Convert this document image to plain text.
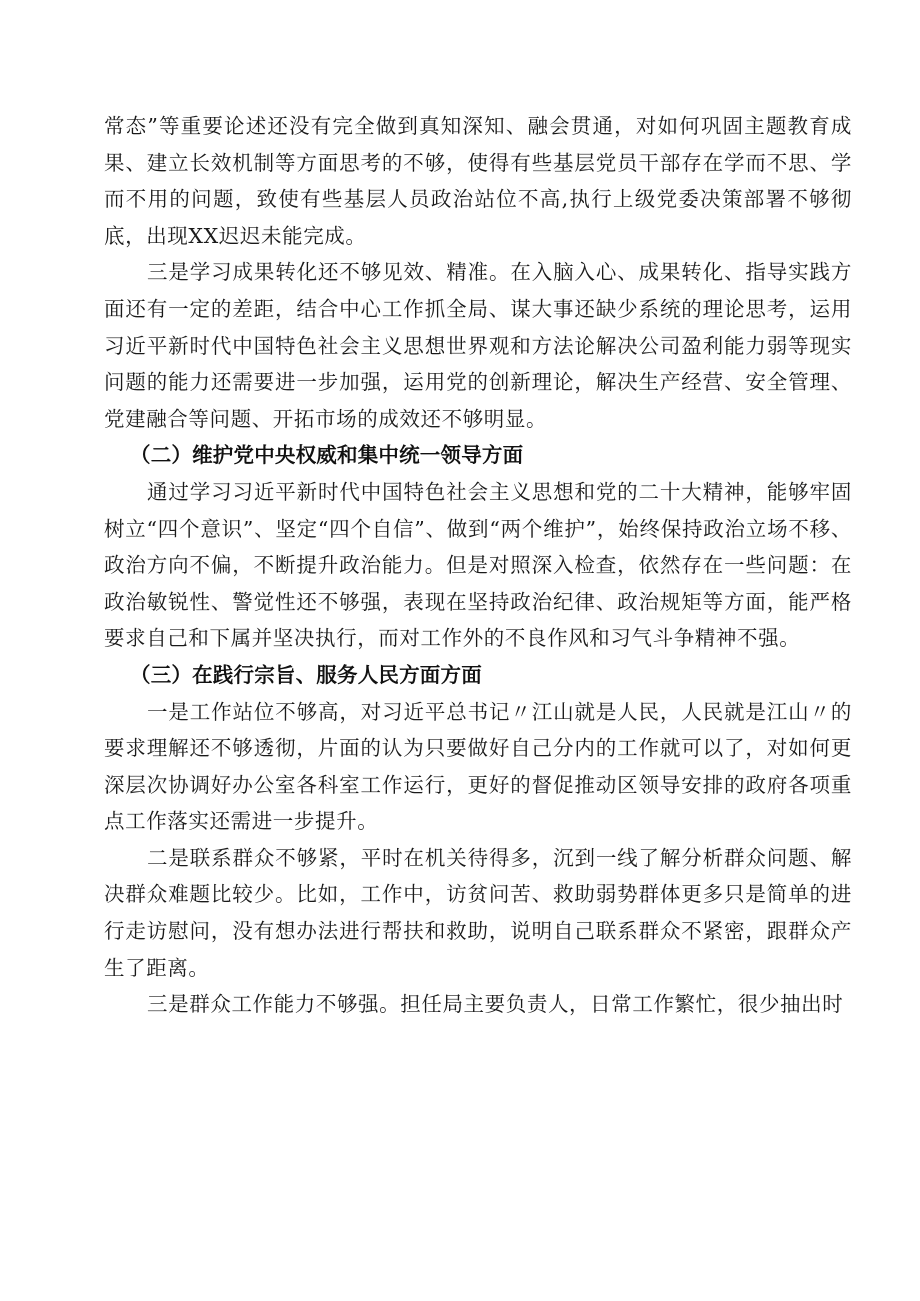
常态”等重要论述还没有完全做到真知深知、融会贯通，对如何巩固主题教育成果、建立长效机制等方面思考的不够，使得有些基层党员干部存在学而不思、学而不用的问题，致使有些基层人员政治站位不高,执行上级党委决策部署不够彻底，出现XX迟迟未能完成。

三是学习成果转化还不够见效、精准。在入脑入心、成果转化、指导实践方面还有一定的差距，结合中心工作抓全局、谋大事还缺少系统的理论思考，运用习近平新时代中国特色社会主义思想世界观和方法论解决公司盈利能力弱等现实问题的能力还需要进一步加强，运用党的创新理论，解决生产经营、安全管理、党建融合等问题、开拓市场的成效还不够明显。

（二）维护党中央权威和集中统一领导方面

通过学习习近平新时代中国特色社会主义思想和党的二十大精神，能够牢固树立“四个意识”、坚定“四个自信”、做到“两个维护”，始终保持政治立场不移、政治方向不偏，不断提升政治能力。但是对照深入检查，依然存在一些问题：在政治敏锐性、警觉性还不够强，表现在坚持政治纪律、政治规矩等方面，能严格要求自己和下属并坚决执行，而对工作外的不良作风和习气斗争精神不强。

（三）在践行宗旨、服务人民方面方面

一是工作站位不够高，对习近平总书记〃江山就是人民，人民就是江山〃的要求理解还不够透彻，片面的认为只要做好自己分内的工作就可以了，对如何更深层次协调好办公室各科室工作运行，更好的督促推动区领导安排的政府各项重点工作落实还需进一步提升。

二是联系群众不够紧，平时在机关待得多，沉到一线了解分析群众问题、解决群众难题比较少。比如，工作中，访贫问苦、救助弱势群体更多只是简单的进行走访慰问，没有想办法进行帮扶和救助，说明自己联系群众不紧密，跟群众产生了距离。

三是群众工作能力不够强。担任局主要负责人，日常工作繁忙，很少抽出时
